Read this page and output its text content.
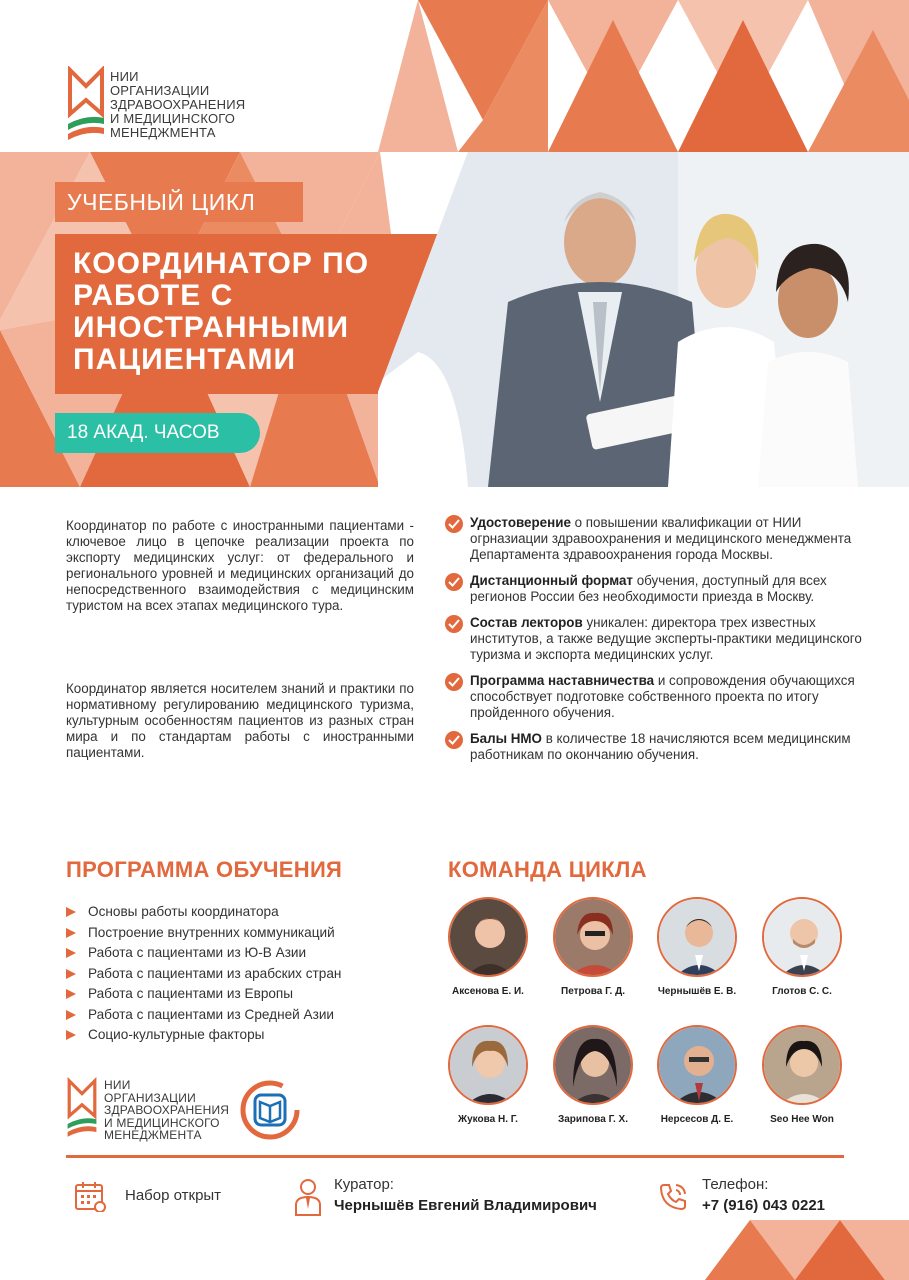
НИИ
ОРГАНИЗАЦИИ
ЗДРАВООХРАНЕНИЯ
И МЕДИЦИНСКОГО
МЕНЕДЖМЕНТА
УЧЕБНЫЙ ЦИКЛ
КООРДИНАТОР ПО
РАБОТЕ С
ИНОСТРАННЫМИ
ПАЦИЕНТАМИ
18 АКАД. ЧАСОВ
Координатор по работе с иностранными пациентами - ключевое лицо в цепочке реализации проекта по экспорту медицинских услуг: от федерального и регионального уровней и медицинских организаций до непосредственного взаимодействия с медицинским туристом на всех этапах медицинского тура.
Координатор является носителем знаний и практики по нормативному регулированию медицинского туризма, культурным особенностям пациентов из разных стран мира и по стандартам работы с иностранными пациентами.
Удостоверение о повышении квалификации от НИИ огрназиации здравоохранения и медицинского менеджмента Департамента здравоохранения города Москвы.
Дистанционный формат обучения, доступный для всех регионов России без необходимости приезда в Москву.
Состав лекторов уникален: директора трех известных институтов, а также ведущие эксперты-практики медицинского туризма и экспорта медицинских услуг.
Программа наставничества и сопровождения обучающихся способствует подготовке собственного проекта по итогу пройденного обучения.
Балы НМО в количестве 18 начисляются всем медицинским работникам по окончанию обучения.
ПРОГРАММА ОБУЧЕНИЯ
Основы работы координатора
Построение внутренних коммуникаций
Работа с пациентами из Ю-В Азии
Работа с пациентами из арабских стран
Работа с пациентами из Европы
Работа с пациентами из Средней Азии
Социо-культурные факторы
НИИ
ОРГАНИЗАЦИИ
ЗДРАВООХРАНЕНИЯ
И МЕДИЦИНСКОГО
МЕНЕДЖМЕНТА
КОМАНДА ЦИКЛА
Аксенова Е. И.	Петрова Г. Д.	Чернышёв Е. В.	Глотов С. С.
Жукова Н. Г.	Зарипова Г. Х.	Нерсесов Д. Е.	Seo Hee Won
Набор открыт
Куратор:
Чернышёв Евгений Владимирович
Телефон:
+7 (916) 043 0221
